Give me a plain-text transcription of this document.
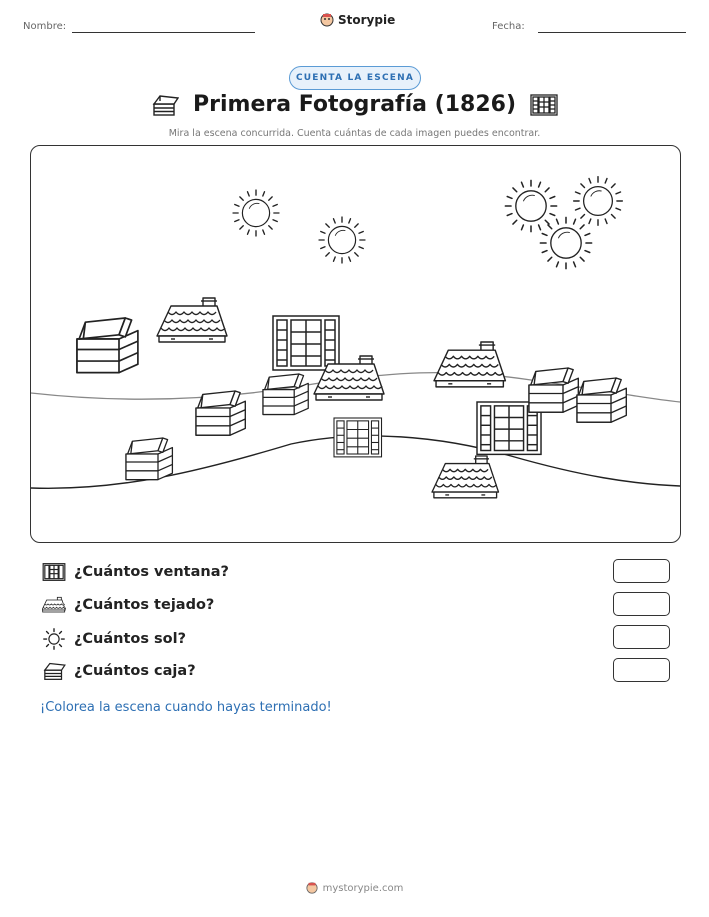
Nombre:	Storypie	Fecha:
CUENTA LA ESCENA
Primera Fotografía (1826)
Mira la escena concurrida. Cuenta cuántas de cada imagen puedes encontrar.
¿Cuántos ventana?
¿Cuántos tejado?
¿Cuántos sol?
¿Cuántos caja?
¡Colorea la escena cuando hayas terminado!
mystorypie.com
